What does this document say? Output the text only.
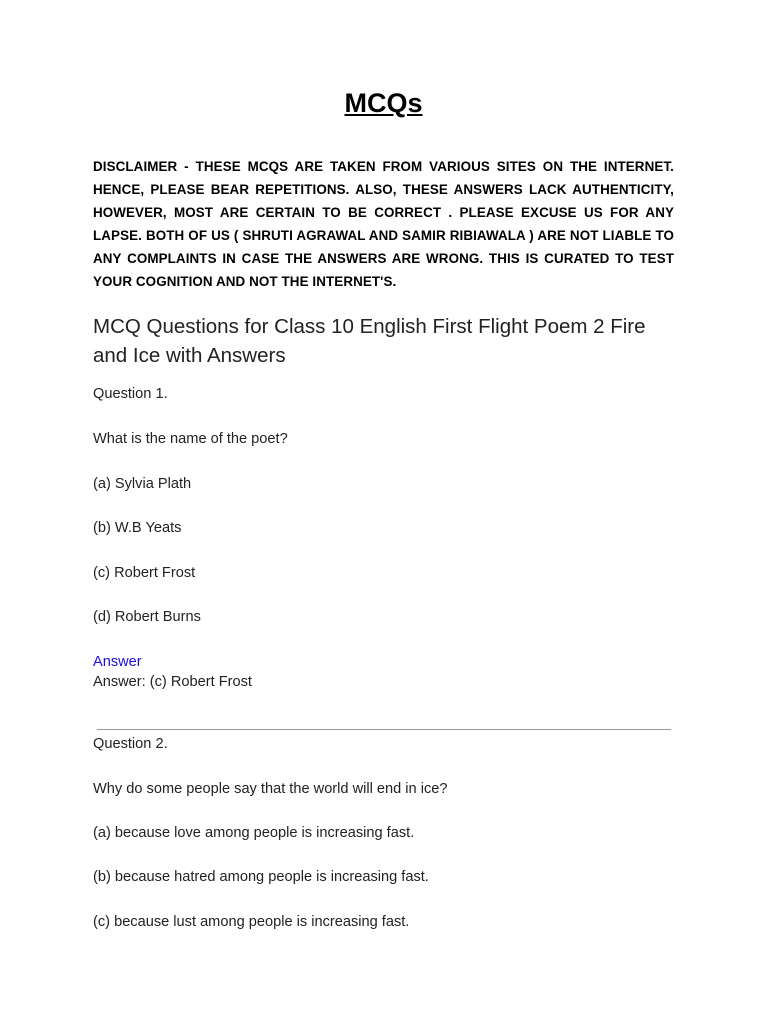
MCQs

DISCLAIMER - THESE MCQS ARE TAKEN FROM VARIOUS SITES ON THE INTERNET. HENCE, PLEASE BEAR REPETITIONS. ALSO, THESE ANSWERS LACK AUTHENTICITY, HOWEVER, MOST ARE CERTAIN TO BE CORRECT . PLEASE EXCUSE US FOR ANY LAPSE. BOTH OF US ( SHRUTI AGRAWAL AND SAMIR RIBIAWALA ) ARE NOT LIABLE TO ANY COMPLAINTS IN CASE THE ANSWERS ARE WRONG. THIS IS CURATED TO TEST YOUR COGNITION AND NOT THE INTERNET'S.

MCQ Questions for Class 10 English First Flight Poem 2 Fire and Ice with Answers

Question 1.

What is the name of the poet?

(a) Sylvia Plath

(b) W.B Yeats

(c) Robert Frost

(d) Robert Burns

Answer

Answer: (c) Robert Frost

Question 2.

Why do some people say that the world will end in ice?

(a) because love among people is increasing fast.

(b) because hatred among people is increasing fast.

(c) because lust among people is increasing fast.
